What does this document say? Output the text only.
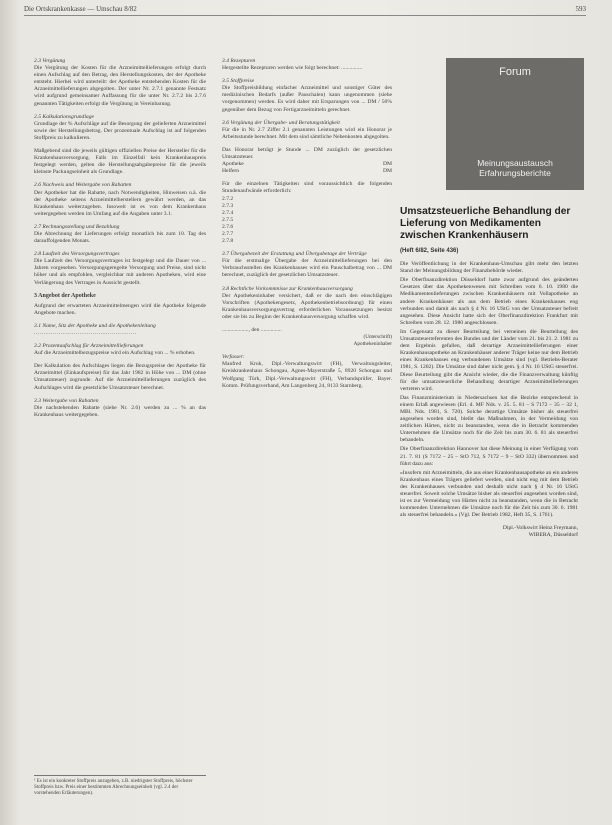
Die Ortskrankenkasse — Umschau 8/82	593
2.3 Vergütung
Die Vergütung der Kosten für die Arzneimittellieferungen erfolgt durch einen Aufschlag auf den Betrag, den Herstellungskosten, der der Apotheke entsteht. Hierbei wird unterteilt: der Apotheke entstehenden Kosten für die Arzneimittellieferungen abgegolten. Der unter Nr. 2.7.1 genannte Festsatz wird aufgrund gemeinsamer Auffassung für die unter Nr. 2.7.2 bis 2.7.6 genannten Tätigkeiten erfolgt die Vergütung in Vereinbarung.
2.5 Kalkulationsgrundlage
Grundlage der % Aufschläge auf die Besorgung der gelieferten Arzneimittel sowie der Herstellungsbetrag. Der prozentuale Aufschlag ist auf folgenden Stoffpreis zu kalkulieren.
Maßgebend sind die jeweils gültigen offiziellen Preise der Hersteller für die Krankenhausversorgung. Falls im Einzelfall kein Krankenhauspreis festgelegt werden, gelten die Herstellungsabgabepreise für die jeweils kleinste Packungseinheit als Grundlage.
2.6 Nachweis und Weitergabe von Rabatten
Der Apotheker hat die Rabatte, nach Notwendigkeiten, Hinweisen u.ä. die der Apotheke seitens Arzneimittelherstellern gewährt werden, an das Krankenhaus weiterzugeben. Insoweit ist es von dem Krankenhaus weitergegeben werden im Umfang auf die Angaben unter 3.1.
2.7 Rechnungsstellung und Bezahlung
Die Abrechnung der Lieferungen erfolgt monatlich bis zum 10. Tag des darauffolgenden Monats.
2.8 Laufzeit des Versorgungsvertrages
Die Laufzeit des Versorgungsvertrages ist festgelegt und die Dauer von ... Jahren vorgesehen. Versorgungsgeregelte Versorgung und Preise, sind nicht höher und als empfohlen, vergleichbar mit anderen Apotheken, wird eine Verlängerung des Vertrages in Aussicht gestellt.
3 Angebot der Apotheke
Aufgrund der erwarteten Arzneimittelmengen wird die Apotheke folgende Angebote machen.
3.1 Name, Sitz der Apotheke und die Apothekenleitung
......................................................
3.2 Prozentaufschlag für Arzneimittellieferungen
Auf die Arzneimittelbezugspreise wird ein Aufschlag von ... % erhoben.
Der Kalkulation des Aufschlages liegen die Bezugspreise der Apotheke für Arzneimittel (Einkaufspreise) für das Jahr 1982 in Höhe von ... DM (ohne Umsatzsteuer) zugrunde. Auf die Arzneimittellieferungen zuzüglich des Aufschlages wird die gesetzliche Umsatzsteuer berechnet.
3.3 Weitergabe von Rabatten
Die nachstehenden Rabatte (siehe Nr. 2.6) werden zu ... % an das Krankenhaus weitergegeben.
¹ Es ist ein konkreter Stoffpreis anzugeben, z.B. niedrigster Stoffpreis, höchster Stoffpreis bzw. Preis einer bestimmten Abrechnungseinheit (vgl. 2.4 der vorstehenden Erläuterungen).
3.4 Rezepturen
Hergestellte Rezepturen werden wie folgt berechnet: ...............
3.5 Stoffpreise
Die Stoffpreisbildung einfacher Arzneimittel und sonstiger Güter des medizinischen Bedarfs (außer Pauschalen) kann ungenommen (siehe vorgenommen) werden. Es wird daher mit Ersparungen von ... DM / 50% gegenüber dem Bezug von Fertigarzneimitteln gerechnet.
3.6 Vergütung der Übergabe- und Beratungstätigkeit
Für die in Nr. 2.7 Ziffer 2.1 genannten Leistungen wird ein Honorar je Arbeitsstunde berechnet. Mit dem sind sämtliche Nebenkosten abgegolten.
Das Honorar beträgt je Stunde ... DM zuzüglich der gesetzlichen Umsatzsteuer.
Apotheke	DM
Helfern	DM
Für die einzelnen Tätigkeiten sind voraussichtlich die folgenden Stundenaufwände erforderlich:
2.7.2
2.7.3
2.7.4
2.7.5
2.7.6
2.7.7
2.7.8
3.7 Übergabezeit der Erstattung und Übergabetage der Verträge
Für die erstmalige Übergabe der Arzneimittellieferungen bei den Verbrauchsstellen des Krankenhauses wird ein Pauschalbetrag von ... DM berechnet, zuzüglich der gesetzlichen Umsatzsteuer.
3.8 Rechtliche Vorkommnisse zur Krankenhausversorgung
Der Apothekeninhaber versichert, daß er die nach den einschlägigen Vorschriften (Apothekengesetz, Apothekenbetriebsordnung) für einen Krankenhausversorgungsvertrag erforderlichen Voraussetzungen besitzt oder sie bis zu Beginn der Krankenhausversorgung schaffen wird.
..................., den ...............
(Unterschrift)
Apothekeninhaber
Verfasser:
Manfred Kruk, Dipl.-Verwaltungswirt (FH), Verwaltungsleiter, Kreiskrankenhaus Schongau, Agnes-Mayerstraße 5, 8920 Schongau und Wolfgang Türk, Dipl.-Verwaltungswirt (FH), Verbandsprüfer, Bayer. Komm. Prüfungsverband, Am Langenberg 24, 8133 Starnberg.
Forum
Meinungsaustausch
Erfahrungsberichte
Umsatzsteuerliche Behandlung der Lieferung von Medikamenten zwischen Krankenhäusern
(Heft 6/82, Seite 436)

Die Veröffentlichung in der Krankenhaus-Umschau gibt mehr den letzten Stand der Meinungsbildung der Finanzbehörde wieder.

Die Oberfinanzdirektion Düsseldorf hatte zwar aufgrund des geänderten Gesetzes über das Apothekenwesen mit Schreiben vom 6. 10. 1980 die Medikamentenlieferungen zwischen Krankenhäusern mit Vollapotheke an andere Krankenhäuser als aus dem Betrieb eines Krankenhauses eng verbunden und damit als nach § 4 Nr. 16 UStG von der Umsatzsteuer befreit angesehen. Diese Ansicht hatte sich der Oberfinanzdirektion Frankfurt mit Schreiben vom 28. 12. 1980 angeschlossen.

Im Gegensatz zu dieser Beurteilung bei verneinen die Beurteilung des Umsatzsteuerreferenten des Bundes und der Länder vom 21. bis 21. 2. 1981 zu dem Ergebnis gefallen, daß derartige Arzneimittellieferungen einer Krankenhausapotheke an Krankenhäuser anderer Träger keine nur dem Betrieb eines Krankenhauses eng verbundenen Umsätze sind (vgl. Betriebs-Berater 1981, S. 1202). Die Umsätze sind daher nicht gem. § 4 Nr. 16 UStG steuerfrei. Diese Beurteilung gibt die Ansicht wieder, die die Finanzverwaltung künftig für die umsatzsteuerliche Behandlung derartiger Arzneimittellieferungen vertreten wird.

Das Finanzministerium in Niedersachsen hat die Bezirke entsprechend in einem Erlaß angewiesen (Erl. d. MF Nds. v. 25. 5. 81 – S 7172 – 35 – 32 1, MBl. Nds. 1981, S. 720). Solche derartige Umsätze bisher als steuerfrei angesehen worden sind, bleibt das Maßnahmen, in der Vermeidung von zeitlichen Härten, nicht zu beanstanden, wenn die in Betracht kommenden Unternehmen die Umsätze noch für die Zeit bis zum 30. 6. 81 als steuerfrei behandeln.

Die Oberfinanzdirektion Hannover hat diese Meinung in einer Verfügung vom 21. 7. 81 (S 7172 – 25 – StO 712, S 7172 – 9 – StO 332) übernommen und führt dazu aus:

»Insofern mit Arzneimitteln, die aus einer Krankenhausapotheke an ein anderes Krankenhaus eines Trägers geliefert werden, sind nicht eng mit dem Betrieb des Krankenhauses verbunden und deshalb nicht nach § 4 Nr. 16 UStG steuerfrei. Soweit solche Umsätze bisher als steuerfrei angesehen worden sind, ist es zur Vermeidung von Härten nicht zu beanstanden, wenn die in Betracht kommenden Unternehmen die Umsätze noch für die Zeit bis zum 30. 6. 1981 als steuerfrei behandeln.« (Vgl. Der Betrieb 1982, Heft 35, S. 1761).

Dipl.-Volkswirt Heinz Freymann,
WIBERA, Düsseldorf
